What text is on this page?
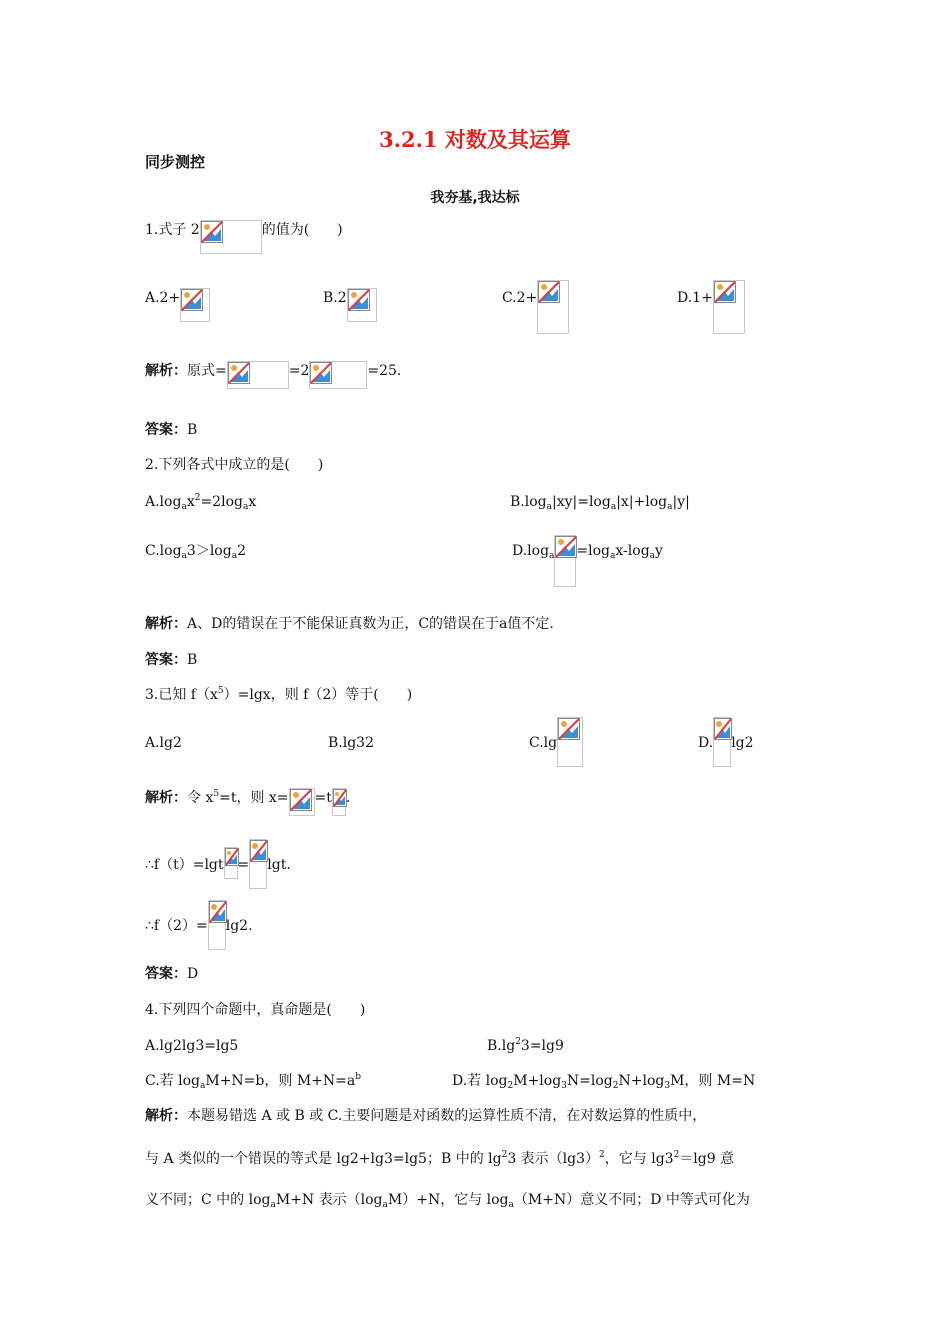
3.2.1 对数及其运算
同步测控
我夯基,我达标
1.式子 2	的值为(　　)
A.2+	B.2	C.2+	D.1+
解析：原式=	=2	=25.
答案：B
2.下列各式中成立的是(　　)
$A.\log_ax^2=2\log_ax$	$B.\log_a|xy|=\log_a|x|+\log_a|y|$
$C.\log_a3>\log_a2$	$D.\log_a =\log_ax-\log_ay$
解析：A、D的错误在于不能保证真数为正，C的错误在于a值不定.
答案：B
3.已知 $f(x^5)=\lg x$，则 f（2）等于(　　)
A.lg2	B.lg32	C.lg	D. lg2
解析：令 $x^5=t$，则 x= =t .
∴f（t）=lgt = lgt.
∴f（2）= lg2.
答案：D
4.下列四个命题中，真命题是(　　)
A.lg2lg3=lg5	$B.\lg^23=\lg 9$
C.若 $\log_aM+N=b$，则 $M+N=a^b$	D.若 $\log_2M+\log_3N=\log_2N+\log_3M$，则 M=N
解析：本题易错选 A 或 B 或 C.主要问题是对函数的运算性质不清，在对数运算的性质中，
与 A 类似的一个错误的等式是 lg2+lg3=lg5；B 中的 $\lg^23$ 表示$(\lg 3)^2$，它与 $\lg 3^2=\lg 9$ 意
义不同；C 中的 $\log_aM+N$ 表示$(\log_aM)+N$，它与 $\log_a(M+N)$意义不同；D 中等式可化为
